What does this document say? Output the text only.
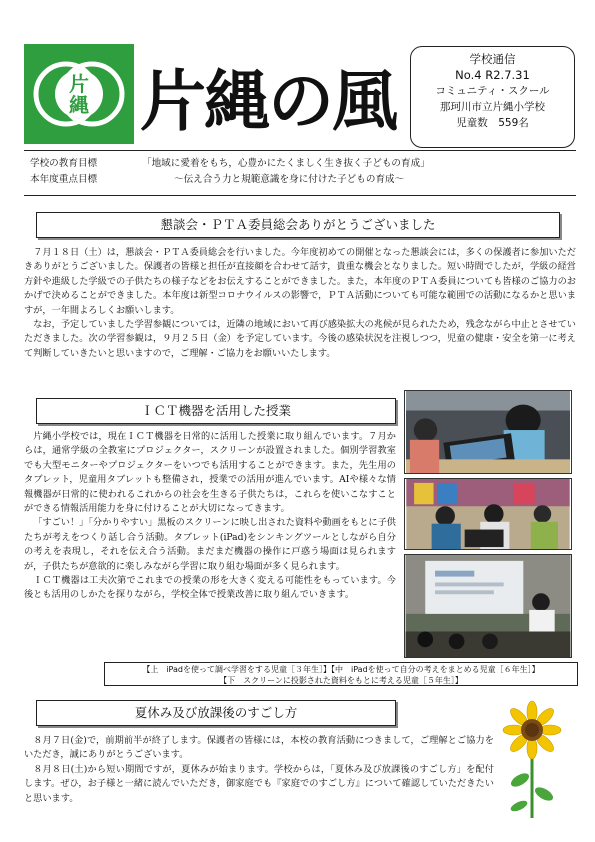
片
縄 片縄の風
学校通信
No.4 R2.7.31
コミュニティ・スクール
那珂川市立片縄小学校
児童数　559名
学校の教育目標	「地域に愛着をもち，心豊かにたくましく生き抜く子どもの育成」
本年度重点目標	～伝え合う力と規範意識を身に付けた子どもの育成～
懇談会・ＰＴＡ委員総会ありがとうございました

７月１８日（土）は，懇談会・ＰＴＡ委員総会を行いました。今年度初めての開催となった懇談会には，多くの保護者に参加いただきありがとうございました。保護者の皆様と担任が直接顔を合わせて話す，貴重な機会となりました。短い時間でしたが，学級の経営方針や進級した学級での子供たちの様子などをお伝えすることができました。また，本年度のＰＴＡ委員についても皆様のご協力のおかげで決めることができました。本年度は新型コロナウイルスの影響で，ＰＴＡ活動についても可能な範囲での活動になるかと思いますが，一年間よろしくお願いします。

なお，予定していました学習参観については，近隣の地域において再び感染拡大の兆候が見られたため，残念ながら中止とさせていただきました。次の学習参観は，９月２５日（金）を予定しています。今後の感染状況を注視しつつ，児童の健康・安全を第一に考えて判断していきたいと思いますので，ご理解・ご協力をお願いいたします。

ＩＣＴ機器を活用した授業

片縄小学校では，現在ＩＣＴ機器を日常的に活用した授業に取り組んでいます。７月からは，通常学級の全教室にプロジェクター，スクリーンが設置されました。個別学習教室でも大型モニターやプロジェクターをいつでも活用することができます。また，先生用のタブレット，児童用タブレットも整備され，授業での活用が進んでいます。AIや様々な情報機器が日常的に使われるこれからの社会を生きる子供たちは，これらを使いこなすことができる情報活用能力を身に付けることが大切になってきます。

「すごい！」「分かりやすい」黒板のスクリーンに映し出された資料や動画をもとに子供たちが考えをつくり話し合う活動。タブレット(iPad)をシンキングツールとしながら自分の考えを表現し，それを伝え合う活動。まだまだ機器の操作に戸惑う場面は見られますが，子供たちが意欲的に楽しみながら学習に取り組む場面が多く見られます。

ＩＣＴ機器は工夫次第でこれまでの授業の形を大きく変える可能性をもっています。今後とも活用のしかたを探りながら，学校全体で授業改善に取り組んでいきます。

【上　iPadを使って調べ学習をする児童［３年生］】【中　iPadを使って自分の考えをまとめる児童［６年生］】
【下　スクリーンに投影された資料をもとに考える児童［５年生］】
夏休み及び放課後のすごし方

８月７日(金)で，前期前半が終了します。保護者の皆様には，本校の教育活動につきまして，ご理解とご協力をいただき，誠にありがとうございます。

８月８日(土)から短い期間ですが，夏休みが始まります。学校からは，「夏休み及び放課後のすごし方」を配付します。ぜひ，お子様と一緒に読んでいただき，御家庭でも『家庭でのすごし方』について確認していただきたいと思います。
